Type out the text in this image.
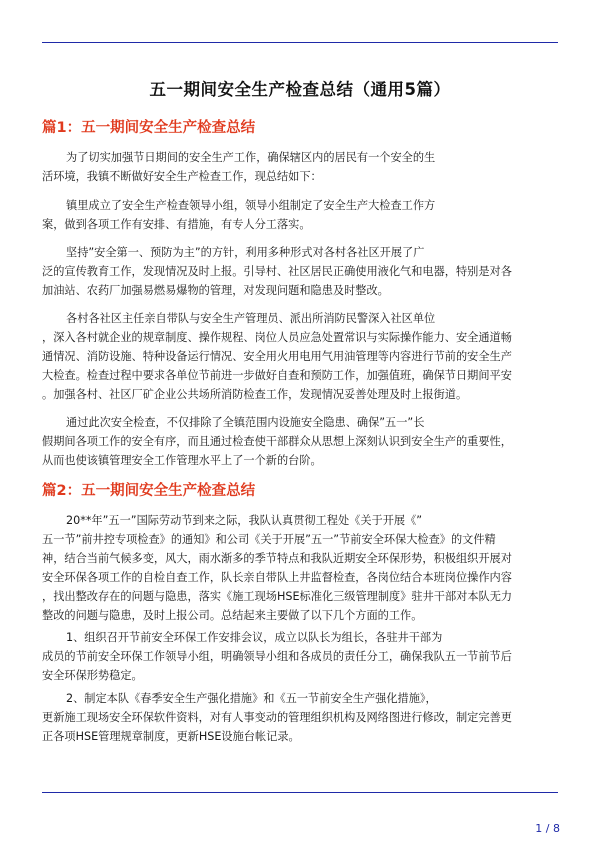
五一期间安全生产检查总结（通用5篇）
篇1：五一期间安全生产检查总结
为了切实加强节日期间的安全生产工作，确保辖区内的居民有一个安全的生
活环境，我镇不断做好安全生产检查工作，现总结如下：
镇里成立了安全生产检查领导小组，领导小组制定了安全生产大检查工作方
案，做到各项工作有安排、有措施，有专人分工落实。
坚持”安全第一、预防为主”的方针，利用多种形式对各村各社区开展了广
泛的宣传教育工作，发现情况及时上报。引导村、社区居民正确使用液化气和电器，特别是对各
加油站、农药厂加强易燃易爆物的管理，对发现问题和隐患及时整改。
各村各社区主任亲自带队与安全生产管理员、派出所消防民警深入社区单位
，深入各村就企业的规章制度、操作规程、岗位人员应急处置常识与实际操作能力、安全通道畅
通情况、消防设施、特种设备运行情况、安全用火用电用气用油管理等内容进行节前的安全生产
大检查。检查过程中要求各单位节前进一步做好自查和预防工作，加强值班，确保节日期间平安
。加强各村、社区厂矿企业公共场所消防检查工作，发现情况妥善处理及时上报街道。
通过此次安全检查，不仅排除了全镇范围内设施安全隐患、确保”五一”长
假期间各项工作的安全有序，而且通过检查使干部群众从思想上深刻认识到安全生产的重要性，
从而也使该镇管理安全工作管理水平上了一个新的台阶。
篇2：五一期间安全生产检查总结
20**年”五一”国际劳动节到来之际，我队认真贯彻工程处《关于开展《”
五一节”前井控专项检查》的通知》和公司《关于开展”五一”节前安全环保大检查》的文件精
神，结合当前气候多变，风大，雨水渐多的季节特点和我队近期安全环保形势，积极组织开展对
安全环保各项工作的自检自查工作，队长亲自带队上井监督检查，各岗位结合本班岗位操作内容
，找出整改存在的问题与隐患，落实《施工现场HSE标准化三级管理制度》驻井干部对本队无力
整改的问题与隐患，及时上报公司。总结起来主要做了以下几个方面的工作。
1、组织召开节前安全环保工作安排会议，成立以队长为组长，各驻井干部为
成员的节前安全环保工作领导小组，明确领导小组和各成员的责任分工，确保我队五一节前节后
安全环保形势稳定。
2、制定本队《春季安全生产强化措施》和《五一节前安全生产强化措施》，
更新施工现场安全环保软件资料，对有人事变动的管理组织机构及网络图进行修改，制定完善更
正各项HSE管理规章制度，更新HSE设施台帐记录。
1 / 8
